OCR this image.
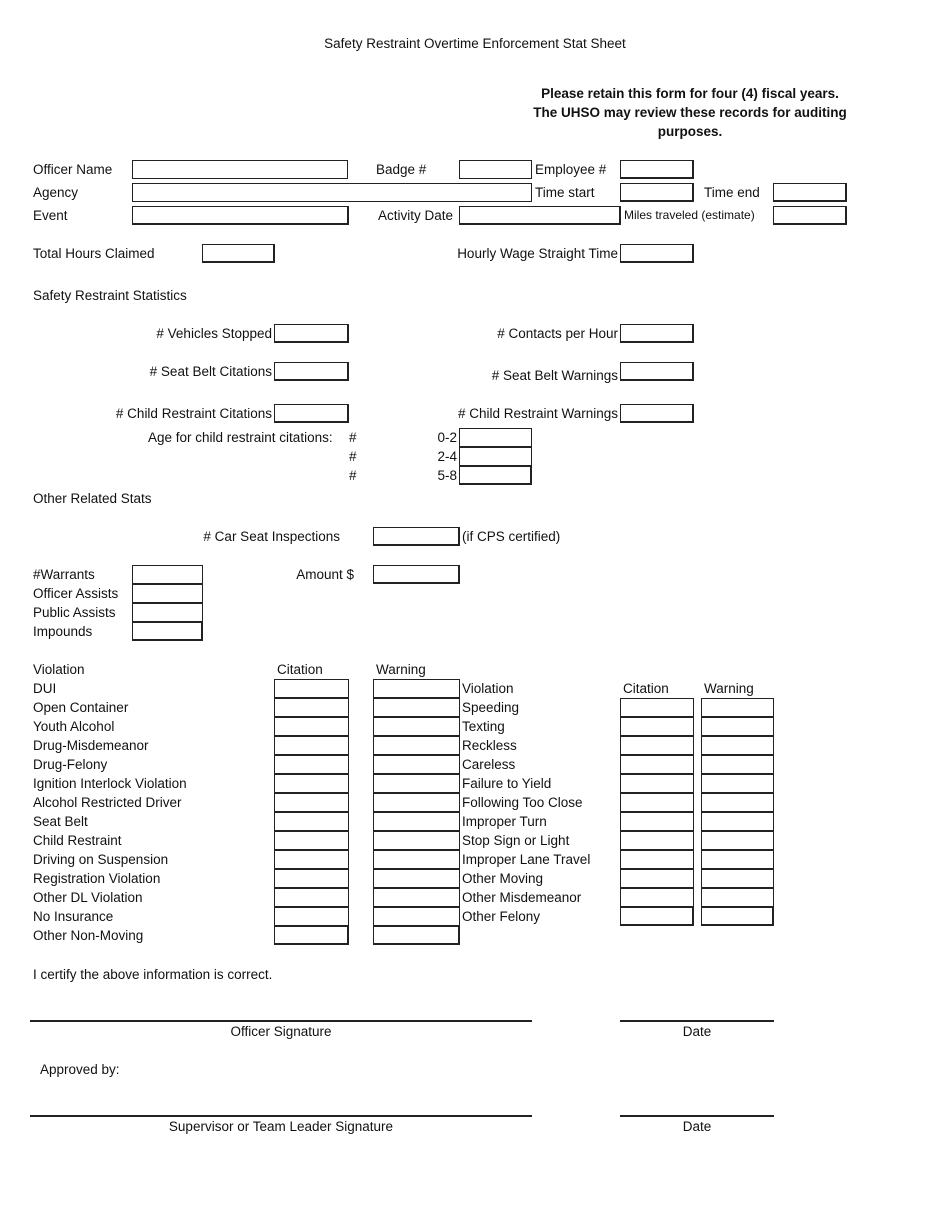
Safety Restraint Overtime Enforcement Stat Sheet
Please retain this form for four (4) fiscal years.
The UHSO may review these records for auditing
purposes.
Officer Name	Badge #	Employee #
Agency	Time start	Time end
Event	Activity Date	Miles traveled (estimate)
Total Hours Claimed	Hourly Wage Straight Time
Safety Restraint Statistics
# Vehicles Stopped	# Contacts per Hour
# Seat Belt Citations	# Seat Belt Warnings
# Child Restraint Citations	# Child Restraint Warnings
Age for child restraint citations: #	0-2
#	2-4
#	5-8
Other Related Stats
# Car Seat Inspections	(if CPS certified)
#Warrants	Amount $
Officer Assists
Public Assists
Impounds
Violation	Citation	Warning
DUI
Open Container
Youth Alcohol
Drug-Misdemeanor
Drug-Felony
Ignition Interlock Violation
Alcohol Restricted Driver
Seat Belt
Child Restraint
Driving on Suspension
Registration Violation
Other DL Violation
No Insurance
Other Non-Moving
Violation	Citation	Warning
Speeding
Texting
Reckless
Careless
Failure to Yield
Following Too Close
Improper Turn
Stop Sign or Light
Improper Lane Travel
Other Moving
Other Misdemeanor
Other Felony
I certify the above information is correct.
Officer Signature	Date
Approved by:
Supervisor or Team Leader Signature	Date
